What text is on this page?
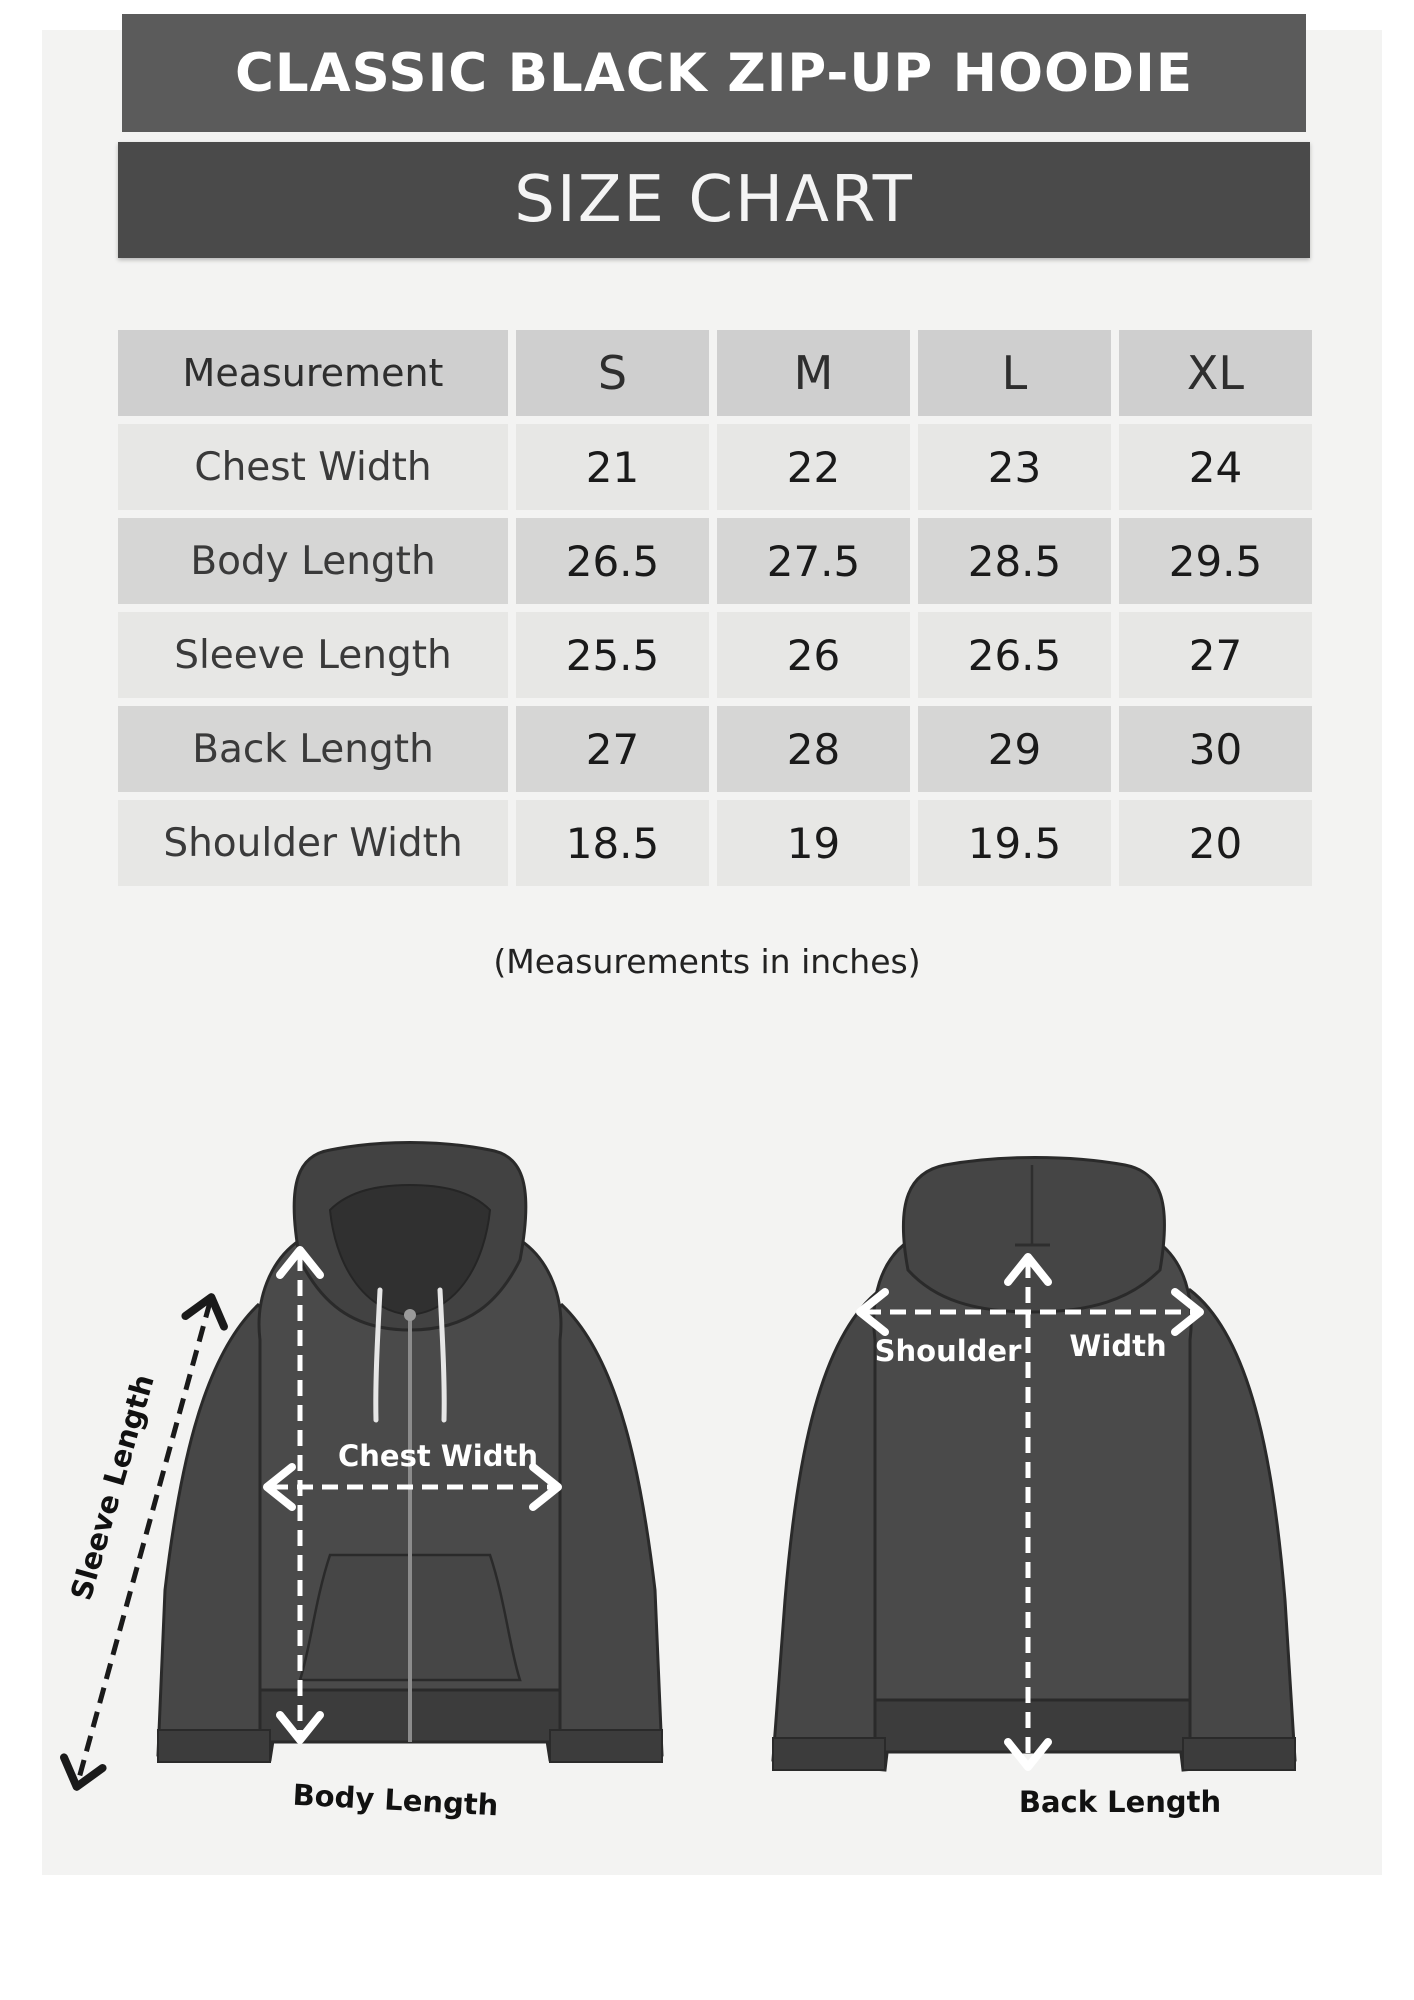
CLASSIC BLACK ZIP-UP HOODIE
SIZE CHART
Measurement	S	M	L	XL
Chest Width	21	22	23	24
Body Length	26.5	27.5	28.5	29.5
Sleeve Length	25.5	26	26.5	27
Back Length	27	28	29	30
Shoulder Width	18.5	19	19.5	20
(Measurements in inches)
Chest Width
Body Length
Sleeve Length
Shoulder Width
Back Length
